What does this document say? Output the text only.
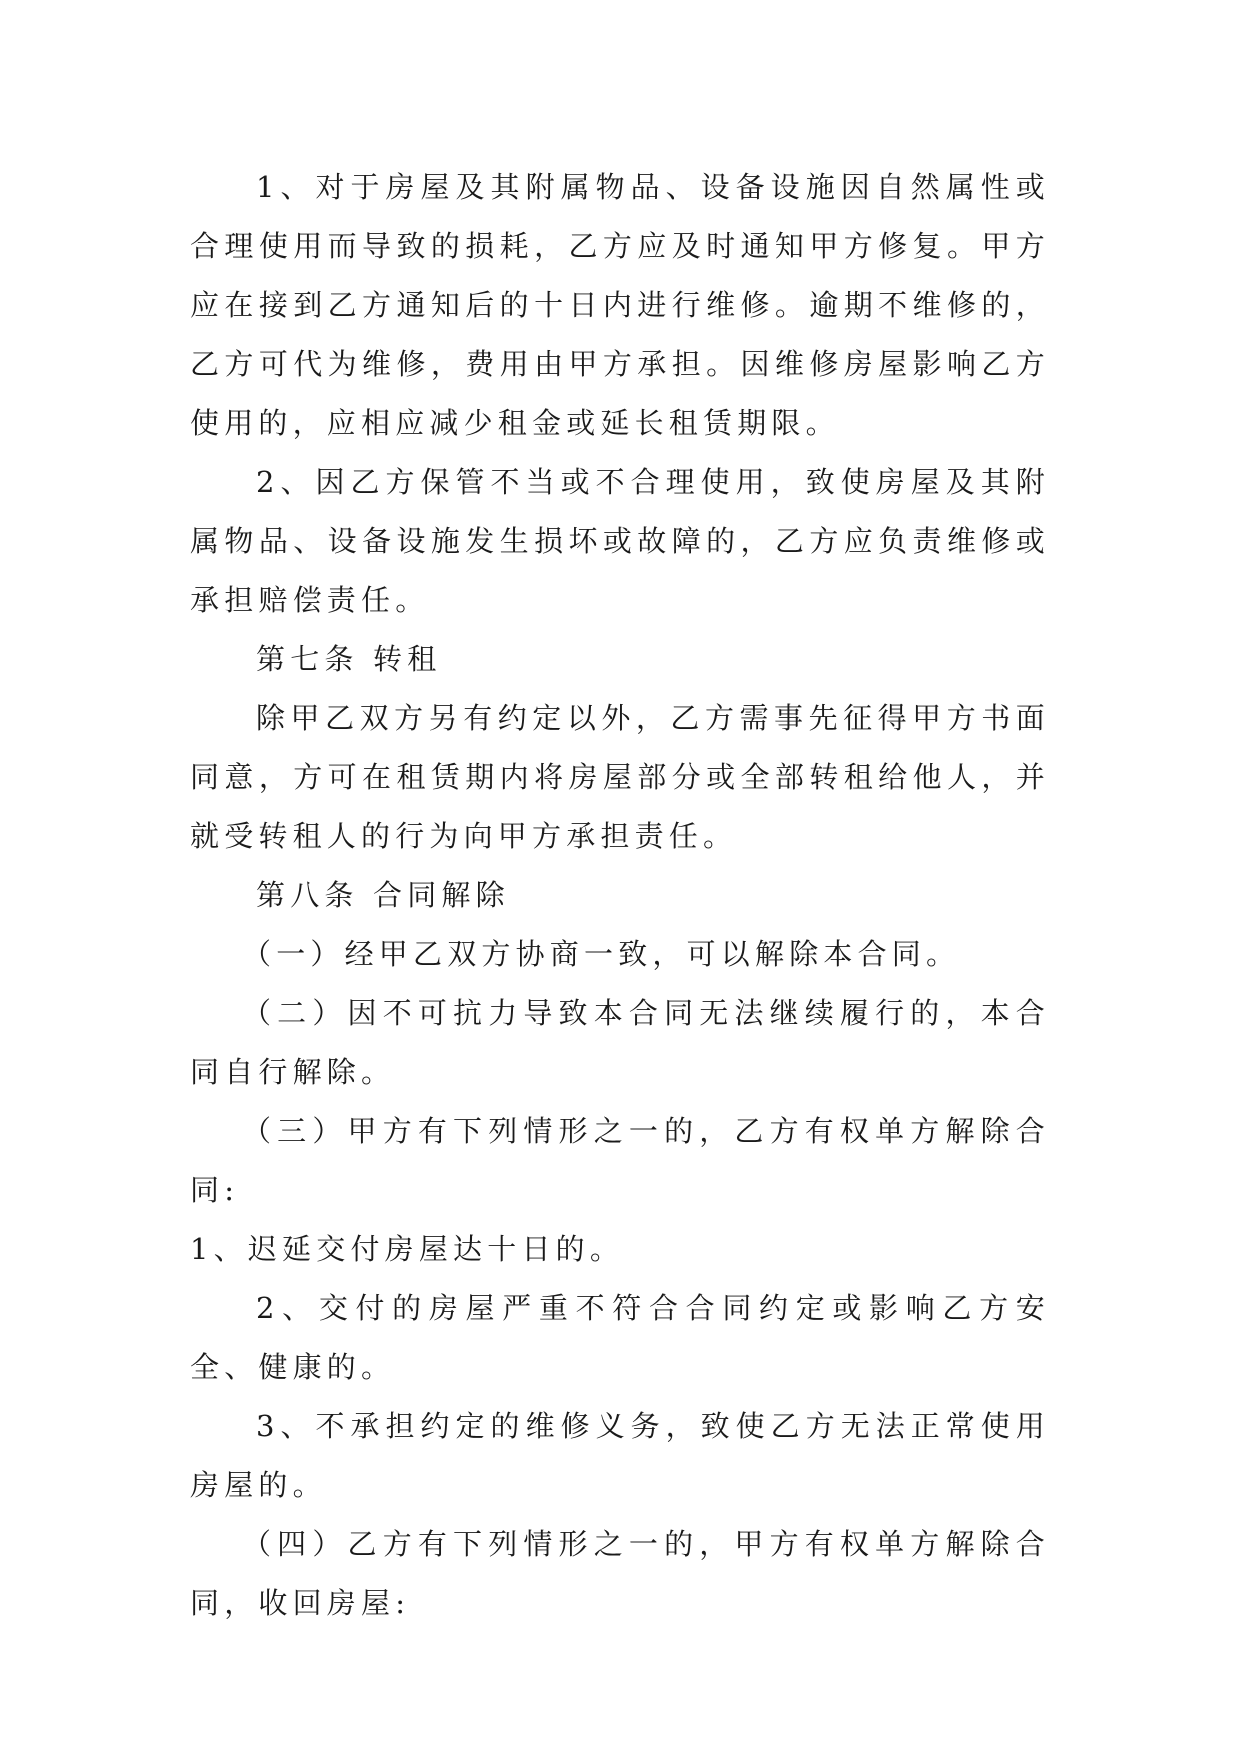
1、对于房屋及其附属物品、设备设施因自然属性或合理使用而导致的损耗，乙方应及时通知甲方修复。甲方应在接到乙方通知后的十日内进行维修。逾期不维修的，乙方可代为维修，费用由甲方承担。因维修房屋影响乙方使用的，应相应减少租金或延长租赁期限。

2、因乙方保管不当或不合理使用，致使房屋及其附属物品、设备设施发生损坏或故障的，乙方应负责维修或承担赔偿责任。

第七条 转租

除甲乙双方另有约定以外，乙方需事先征得甲方书面同意，方可在租赁期内将房屋部分或全部转租给他人，并就受转租人的行为向甲方承担责任。

第八条 合同解除

（一）经甲乙双方协商一致，可以解除本合同。

（二）因不可抗力导致本合同无法继续履行的，本合同自行解除。

（三）甲方有下列情形之一的，乙方有权单方解除合同:

1、迟延交付房屋达十日的。

2、交付的房屋严重不符合合同约定或影响乙方安全、健康的。

3、不承担约定的维修义务，致使乙方无法正常使用房屋的。

（四）乙方有下列情形之一的，甲方有权单方解除合同，收回房屋:
